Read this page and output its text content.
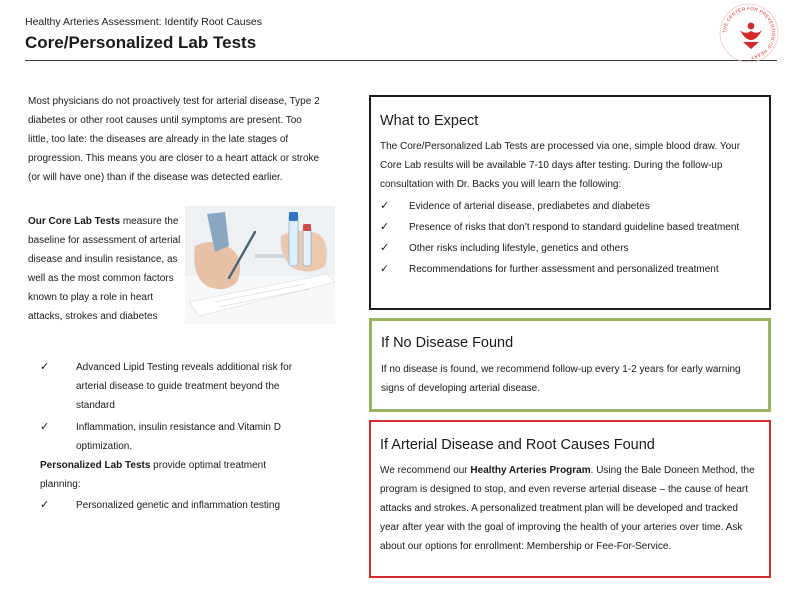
Healthy Arteries Assessment: Identify Root Causes
Core/Personalized Lab Tests
THE CENTER FOR PREVENTION OF HEART
Most physicians do not proactively test for arterial disease, Type 2 diabetes or other root causes until symptoms are present. Too little, too late: the diseases are already in the late stages of progression. This means you are closer to a heart attack or stroke (or will have one) than if the disease was detected earlier.
Our Core Lab Tests measure the baseline for assessment of arterial disease and insulin resistance, as well as the most common factors known to play a role in heart attacks, strokes and diabetes
✓	Advanced Lipid Testing reveals additional risk for arterial disease to guide treatment beyond the standard
✓	Inflammation, insulin resistance and Vitamin D optimization.
Personalized Lab Tests provide optimal treatment planning:
✓	Personalized genetic and inflammation testing
What to Expect
The Core/Personalized Lab Tests are processed via one, simple blood draw. Your Core Lab results will be available 7-10 days after testing. During the follow-up consultation with Dr. Backs you will learn the following:
✓ Evidence of arterial disease, prediabetes and diabetes
✓ Presence of risks that don’t respond to standard guideline based treatment
✓ Other risks including lifestyle, genetics and others
✓ Recommendations for further assessment and personalized treatment
If No Disease Found
If no disease is found, we recommend follow-up every 1-2 years for early warning signs of developing arterial disease.
If Arterial Disease and Root Causes Found
We recommend our Healthy Arteries Program. Using the Bale Doneen Method, the program is designed to stop, and even reverse arterial disease – the cause of heart attacks and strokes. A personalized treatment plan will be developed and tracked year after year with the goal of improving the health of your arteries over time. Ask about our options for enrollment: Membership or Fee-For-Service.
